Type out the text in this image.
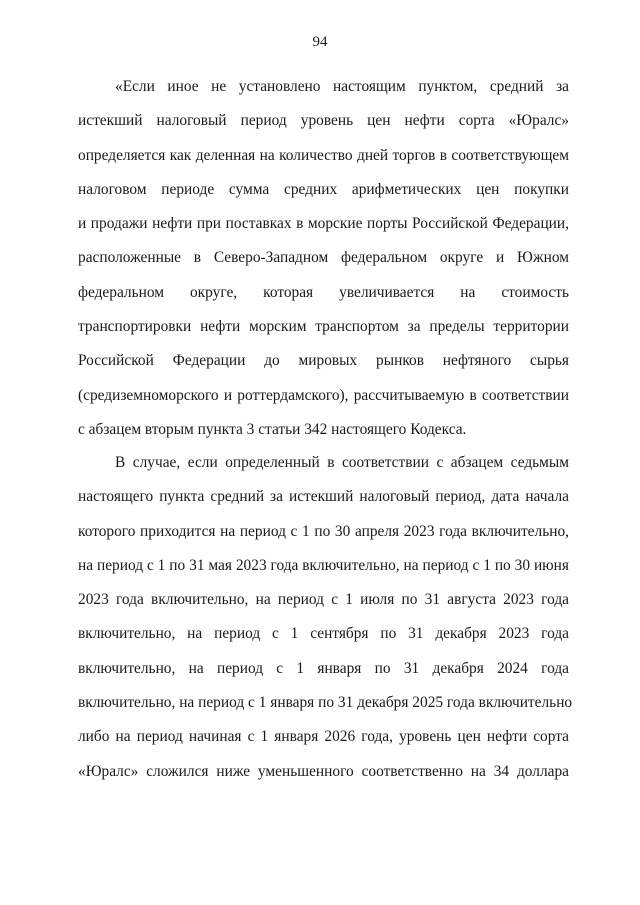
94
«Если иное не установлено настоящим пунктом, средний за
истекший налоговый период уровень цен нефти сорта «Юралс»
определяется как деленная на количество дней торгов в соответствующем
налоговом периоде сумма средних арифметических цен покупки
и продажи нефти при поставках в морские порты Российской Федерации,
расположенные в Северо-Западном федеральном округе и Южном
федеральном округе, которая увеличивается на стоимость
транспортировки нефти морским транспортом за пределы территории
Российской Федерации до мировых рынков нефтяного сырья
(средиземноморского и роттердамского), рассчитываемую в соответствии
с абзацем вторым пункта 3 статьи 342 настоящего Кодекса.
В случае, если определенный в соответствии с абзацем седьмым
настоящего пункта средний за истекший налоговый период, дата начала
которого приходится на период с 1 по 30 апреля 2023 года включительно,
на период с 1 по 31 мая 2023 года включительно, на период с 1 по 30 июня
2023 года включительно, на период с 1 июля по 31 августа 2023 года
включительно, на период с 1 сентября по 31 декабря 2023 года
включительно, на период с 1 января по 31 декабря 2024 года
включительно, на период с 1 января по 31 декабря 2025 года включительно
либо на период начиная с 1 января 2026 года, уровень цен нефти сорта
«Юралс» сложился ниже уменьшенного соответственно на 34 доллара
